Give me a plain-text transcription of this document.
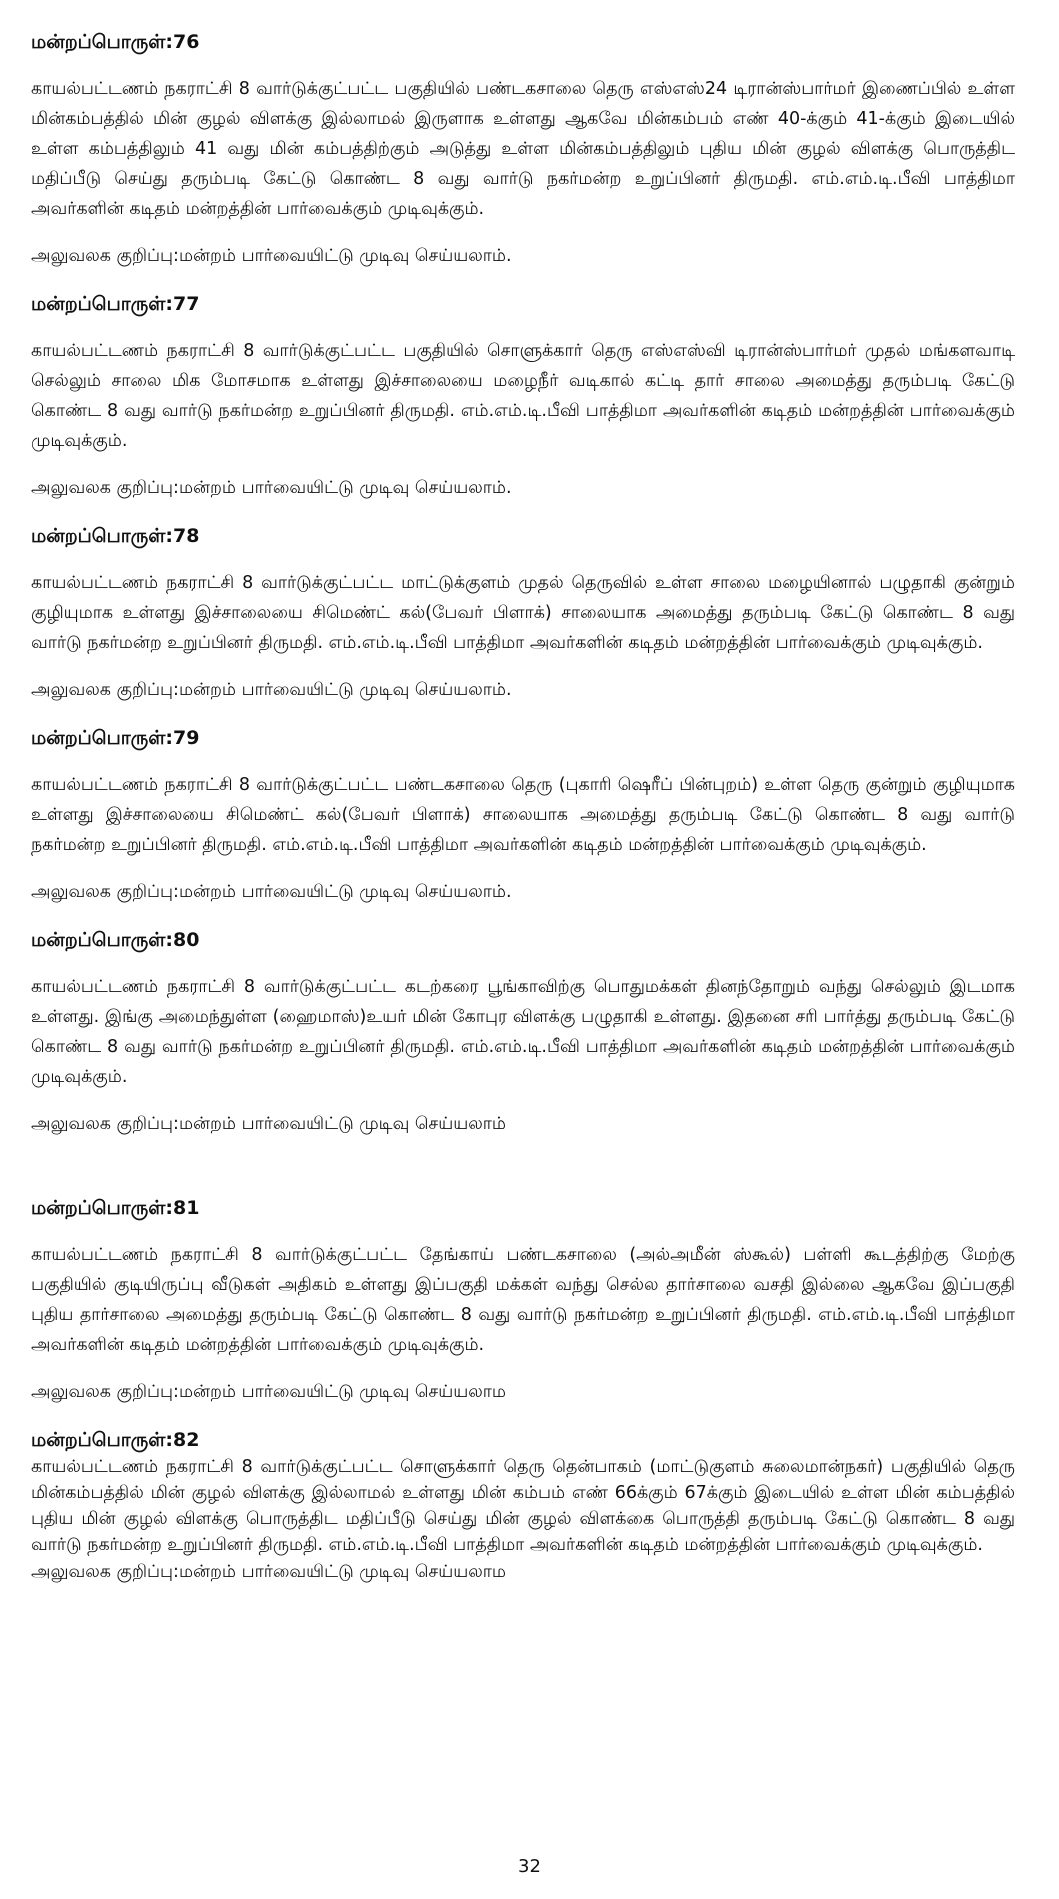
மன்றப்பொருள்:76

காயல்பட்டணம் நகராட்சி 8 வார்டுக்குட்பட்ட பகுதியில் பண்டகசாலை தெரு எஸ்எஸ்24 டிரான்ஸ்பார்மர் இணைப்பில் உள்ள மின்கம்பத்தில் மின் குழல் விளக்கு இல்லாமல் இருளாக உள்ளது ஆகவே மின்கம்பம் எண் 40-க்கும் 41-க்கும் இடையில் உள்ள கம்பத்திலும் 41 வது மின் கம்பத்திற்கும் அடுத்து உள்ள மின்கம்பத்திலும் புதிய மின் குழல் விளக்கு பொருத்திட மதிப்பீடு செய்து தரும்படி கேட்டு கொண்ட 8 வது வார்டு நகர்மன்ற உறுப்பினர் திருமதி. எம்.எம்.டி.பீவி பாத்திமா அவர்களின் கடிதம் மன்றத்தின் பார்வைக்கும் முடிவுக்கும்.

அலுவலக குறிப்பு:மன்றம் பார்வையிட்டு முடிவு செய்யலாம்.

மன்றப்பொருள்:77

காயல்பட்டணம் நகராட்சி 8 வார்டுக்குட்பட்ட பகுதியில் சொளுக்கார் தெரு எஸ்எஸ்வி டிரான்ஸ்பார்மர் முதல் மங்களவாடி செல்லும் சாலை மிக மோசமாக உள்ளது இச்சாலையை மழைநீர் வடிகால் கட்டி தார் சாலை அமைத்து தரும்படி கேட்டு கொண்ட 8 வது வார்டு நகர்மன்ற உறுப்பினர் திருமதி. எம்.எம்.டி.பீவி பாத்திமா அவர்களின் கடிதம் மன்றத்தின் பார்வைக்கும் முடிவுக்கும்.

அலுவலக குறிப்பு:மன்றம் பார்வையிட்டு முடிவு செய்யலாம்.

மன்றப்பொருள்:78

காயல்பட்டணம் நகராட்சி 8 வார்டுக்குட்பட்ட மாட்டுக்குளம் முதல் தெருவில் உள்ள சாலை மழையினால் பழுதாகி குன்றும் குழியுமாக உள்ளது இச்சாலையை சிமெண்ட் கல்(பேவர் பிளாக்) சாலையாக அமைத்து தரும்படி கேட்டு கொண்ட 8 வது வார்டு நகர்மன்ற உறுப்பினர் திருமதி. எம்.எம்.டி.பீவி பாத்திமா அவர்களின் கடிதம் மன்றத்தின் பார்வைக்கும் முடிவுக்கும்.

அலுவலக குறிப்பு:மன்றம் பார்வையிட்டு முடிவு செய்யலாம்.

மன்றப்பொருள்:79

காயல்பட்டணம் நகராட்சி 8 வார்டுக்குட்பட்ட பண்டகசாலை தெரு (புகாரி ஷெரீப் பின்புறம்) உள்ள தெரு குன்றும் குழியுமாக உள்ளது இச்சாலையை சிமெண்ட் கல்(பேவர் பிளாக்) சாலையாக அமைத்து தரும்படி கேட்டு கொண்ட 8 வது வார்டு நகர்மன்ற உறுப்பினர் திருமதி. எம்.எம்.டி.பீவி பாத்திமா அவர்களின் கடிதம் மன்றத்தின் பார்வைக்கும் முடிவுக்கும்.

அலுவலக குறிப்பு:மன்றம் பார்வையிட்டு முடிவு செய்யலாம்.

மன்றப்பொருள்:80

காயல்பட்டணம் நகராட்சி 8 வார்டுக்குட்பட்ட கடற்கரை பூங்காவிற்கு பொதுமக்கள் தினந்தோறும் வந்து செல்லும் இடமாக உள்ளது. இங்கு அமைந்துள்ள (ஹைமாஸ்)உயர் மின் கோபுர விளக்கு பழுதாகி உள்ளது. இதனை சரி பார்த்து தரும்படி கேட்டு கொண்ட 8 வது வார்டு நகர்மன்ற உறுப்பினர் திருமதி. எம்.எம்.டி.பீவி பாத்திமா அவர்களின் கடிதம் மன்றத்தின் பார்வைக்கும் முடிவுக்கும்.

அலுவலக குறிப்பு:மன்றம் பார்வையிட்டு முடிவு செய்யலாம்

மன்றப்பொருள்:81

காயல்பட்டணம் நகராட்சி 8 வார்டுக்குட்பட்ட தேங்காய் பண்டகசாலை (அல்அமீன் ஸ்கூல்) பள்ளி கூடத்திற்கு மேற்கு பகுதியில் குடியிருப்பு வீடுகள் அதிகம் உள்ளது இப்பகுதி மக்கள் வந்து செல்ல தார்சாலை வசதி இல்லை ஆகவே இப்பகுதி புதிய தார்சாலை அமைத்து தரும்படி கேட்டு கொண்ட 8 வது வார்டு நகர்மன்ற உறுப்பினர் திருமதி. எம்.எம்.டி.பீவி பாத்திமா அவர்களின் கடிதம் மன்றத்தின் பார்வைக்கும் முடிவுக்கும்.

அலுவலக குறிப்பு:மன்றம் பார்வையிட்டு முடிவு செய்யலாம

மன்றப்பொருள்:82

காயல்பட்டணம் நகராட்சி 8 வார்டுக்குட்பட்ட சொளுக்கார் தெரு தென்பாகம் (மாட்டுகுளம் சுலைமான்நகர்) பகுதியில் தெரு மின்கம்பத்தில் மின் குழல் விளக்கு இல்லாமல் உள்ளது மின் கம்பம் எண் 66க்கும் 67க்கும் இடையில் உள்ள மின் கம்பத்தில் புதிய மின் குழல் விளக்கு பொருத்திட மதிப்பீடு செய்து மின் குழல் விளக்கை பொருத்தி தரும்படி கேட்டு கொண்ட 8 வது வார்டு நகர்மன்ற உறுப்பினர் திருமதி. எம்.எம்.டி.பீவி பாத்திமா அவர்களின் கடிதம் மன்றத்தின் பார்வைக்கும் முடிவுக்கும்.

அலுவலக குறிப்பு:மன்றம் பார்வையிட்டு முடிவு செய்யலாம

32
